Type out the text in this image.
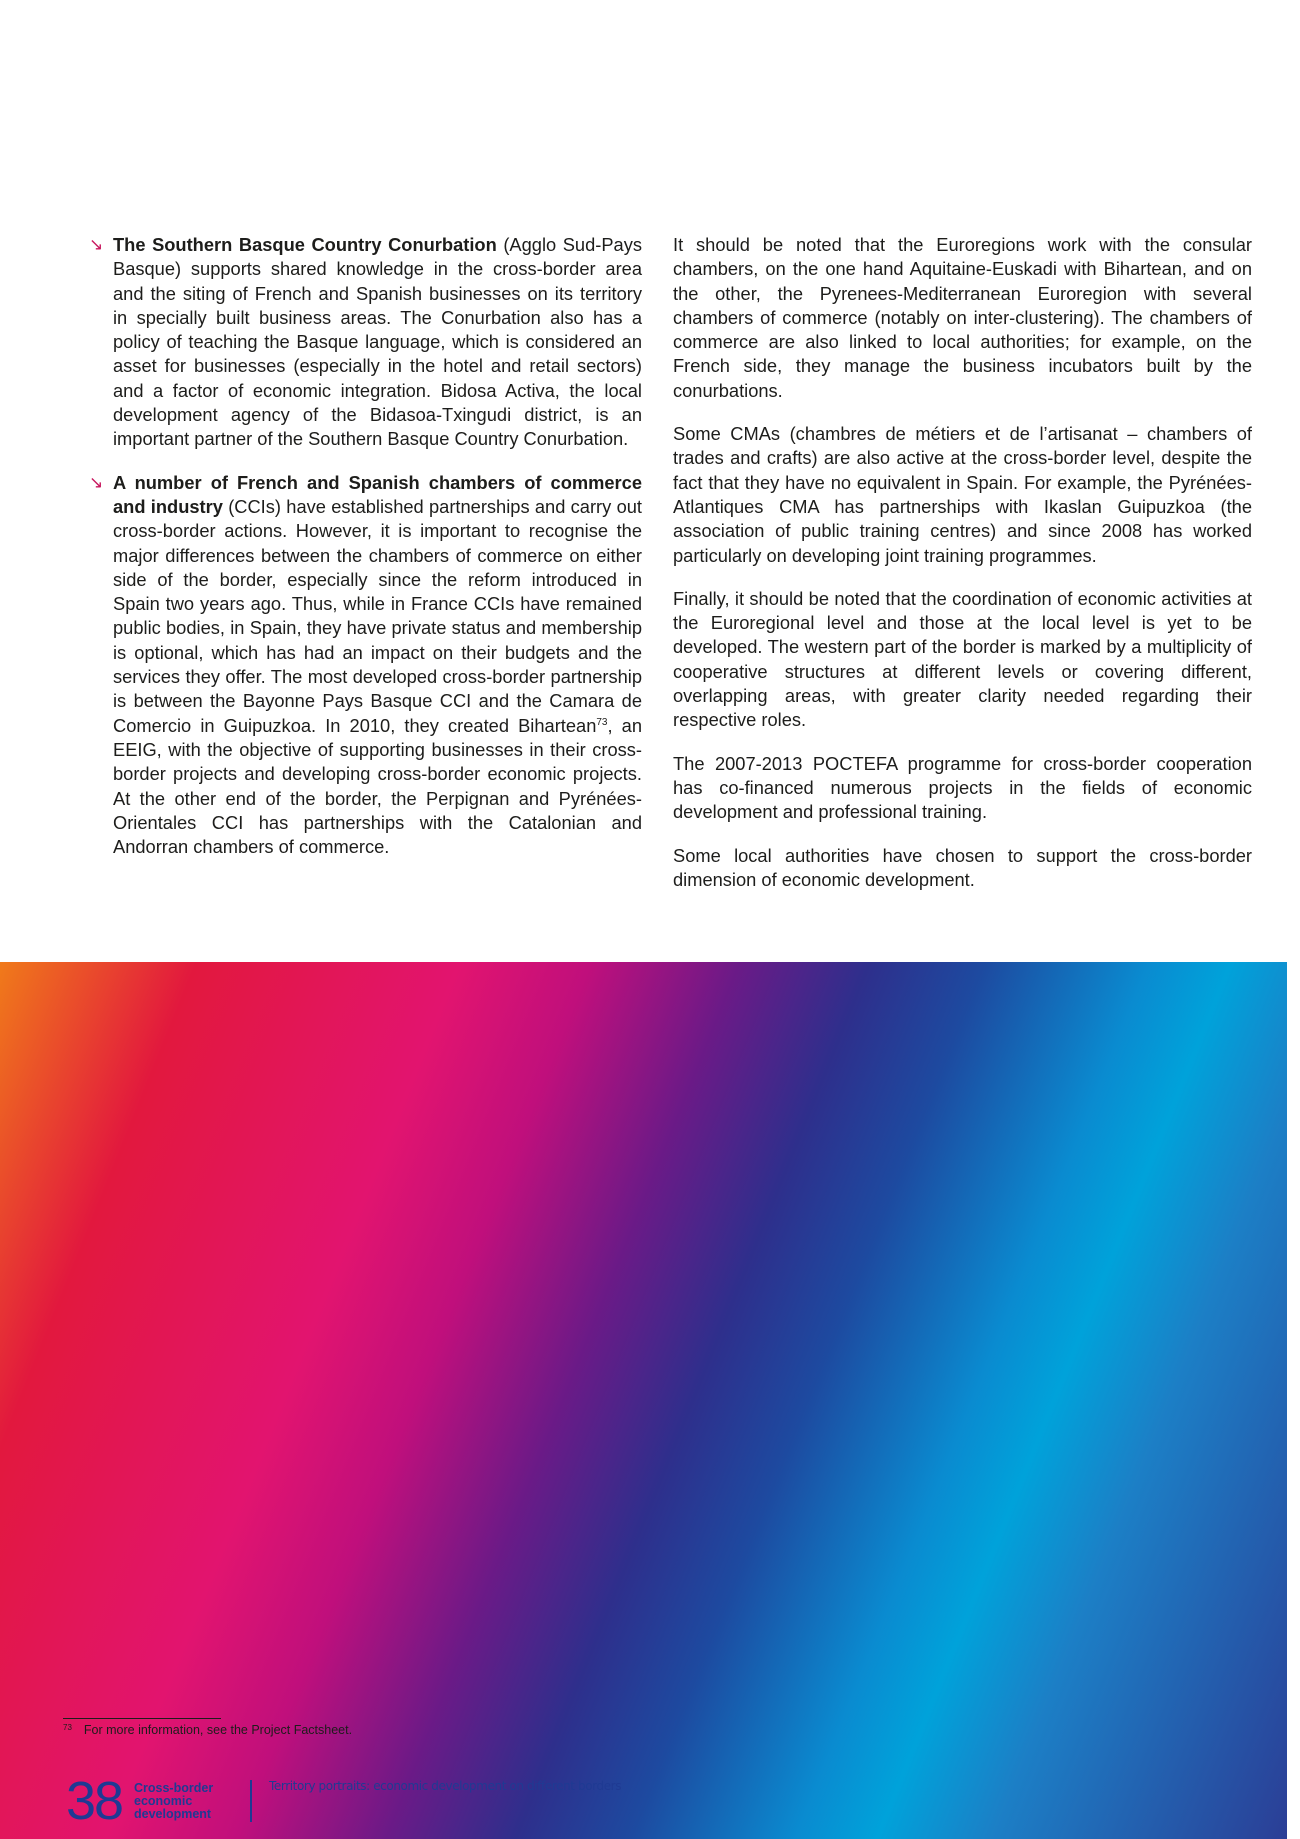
↘ The Southern Basque Country Conurbation (Agglo Sud-Pays Basque) supports shared knowledge in the cross-border area and the siting of French and Spanish businesses on its territory in specially built business areas. The Conurbation also has a policy of teaching the Basque language, which is considered an asset for businesses (especially in the hotel and retail sectors) and a factor of economic integration. Bidosa Activa, the local development agency of the Bidasoa-Txingudi district, is an important partner of the Southern Basque Country Conurbation.
↘ A number of French and Spanish chambers of commerce and industry (CCIs) have established partnerships and carry out cross-border actions. However, it is important to recognise the major differences between the chambers of commerce on either side of the border, especially since the reform introduced in Spain two years ago. Thus, while in France CCIs have remained public bodies, in Spain, they have private status and membership is optional, which has had an impact on their budgets and the services they offer. The most developed cross-border partnership is between the Bayonne Pays Basque CCI and the Camara de Comercio in Guipuzkoa. In 2010, they created Bihartean$^{73}$, an EEIG, with the objective of supporting businesses in their cross-border projects and developing cross-border economic projects. At the other end of the border, the Perpignan and Pyrénées-Orientales CCI has partnerships with the Catalonian and Andorran chambers of commerce.

It should be noted that the Euroregions work with the consular chambers, on the one hand Aquitaine-Euskadi with Bihartean, and on the other, the Pyrenees-Mediterranean Euroregion with several chambers of commerce (notably on inter-clustering). The chambers of commerce are also linked to local authorities; for example, on the French side, they manage the business incubators built by the conurbations.

Some CMAs (chambres de métiers et de l’artisanat – chambers of trades and crafts) are also active at the cross-border level, despite the fact that they have no equivalent in Spain. For example, the Pyrénées-Atlantiques CMA has partnerships with Ikaslan Guipuzkoa (the association of public training centres) and since 2008 has worked particularly on developing joint training programmes.

Finally, it should be noted that the coordination of economic activities at the Euroregional level and those at the local level is yet to be developed. The western part of the border is marked by a multiplicity of cooperative structures at different levels or covering different, overlapping areas, with greater clarity needed regarding their respective roles.

The 2007-2013 POCTEFA programme for cross-border cooperation has co-financed numerous projects in the fields of economic development and professional training.

Some local authorities have chosen to support the cross-border dimension of economic development.

$^{73}$ For more information, see the Project Factsheet.
38 Cross-border
economic
development
Territory portraits: economic development on different borders
